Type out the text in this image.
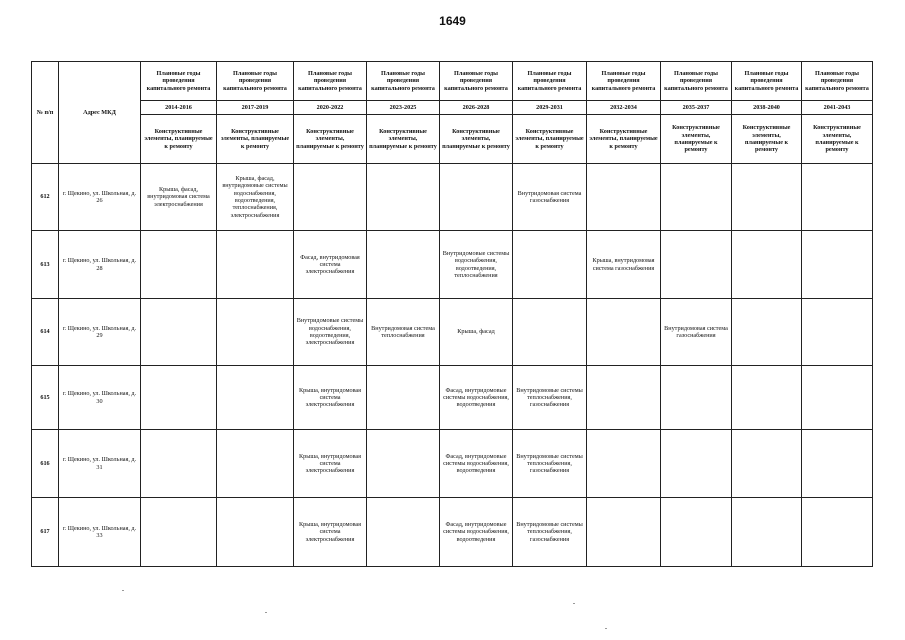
1649
№ п/п	Адрес МКД	Плановые годы проведения капитального ремонта	Плановые годы проведения капитального ремонта	Плановые годы проведения капитального ремонта	Плановые годы проведения капитального ремонта	Плановые годы проведения капитального ремонта	Плановые годы проведения капитального ремонта	Плановые годы проведения капитального ремонта	Плановые годы проведения капитального ремонта	Плановые годы проведения капитального ремонта	Плановые годы проведения капитального ремонта
		2014-2016	2017-2019	2020-2022	2023-2025	2026-2028	2029-2031	2032-2034	2035-2037	2038-2040	2041-2043
		Конструктивные элементы, планируемые к ремонту	Конструктивные элементы, планируемые к ремонту	Конструктивные элементы, планируемые к ремонту	Конструктивные элементы, планируемые к ремонту	Конструктивные элементы, планируемые к ремонту	Конструктивные элементы, планируемые к ремонту	Конструктивные элементы, планируемые к ремонту	Конструктивные элементы, планируемые к ремонту	Конструктивные элементы, планируемые к ремонту	Конструктивные элементы, планируемые к ремонту
612	г. Щекино, ул. Школьная, д. 26	Крыша, фасад, внутридомовая система электроснабжения	Крыша, фасад, внутридомовые системы водоснабжения, водоотведения, теплоснабжения, электроснабжения				Внутридомовая система газоснабжения				
613	г. Щекино, ул. Школьная, д. 28			Фасад, внутридомовая система электроснабжения		Внутридомовые системы водоснабжения, водоотведения, теплоснабжения		Крыша, внутридомовая система газоснабжения			
614	г. Щекино, ул. Школьная, д. 29			Внутридомовые системы водоснабжения, водоотведения, электроснабжения	Внутридомовая система теплоснабжения	Крыша, фасад			Внутридомовая система газоснабжения		
615	г. Щекино, ул. Школьная, д. 30			Крыша, внутридомовая система электроснабжения		Фасад, внутридомовые системы водоснабжения, водоотведения	Внутридомовые системы теплоснабжения, газоснабжения				
616	г. Щекино, ул. Школьная, д. 31			Крыша, внутридомовая система электроснабжения		Фасад, внутридомовые системы водоснабжения, водоотведения	Внутридомовые системы теплоснабжения, газоснабжения				
617	г. Щекино, ул. Школьная, д. 33			Крыша, внутридомовая система электроснабжения		Фасад, внутридомовые системы водоснабжения, водоотведения	Внутридомовые системы теплоснабжения, газоснабжения				
